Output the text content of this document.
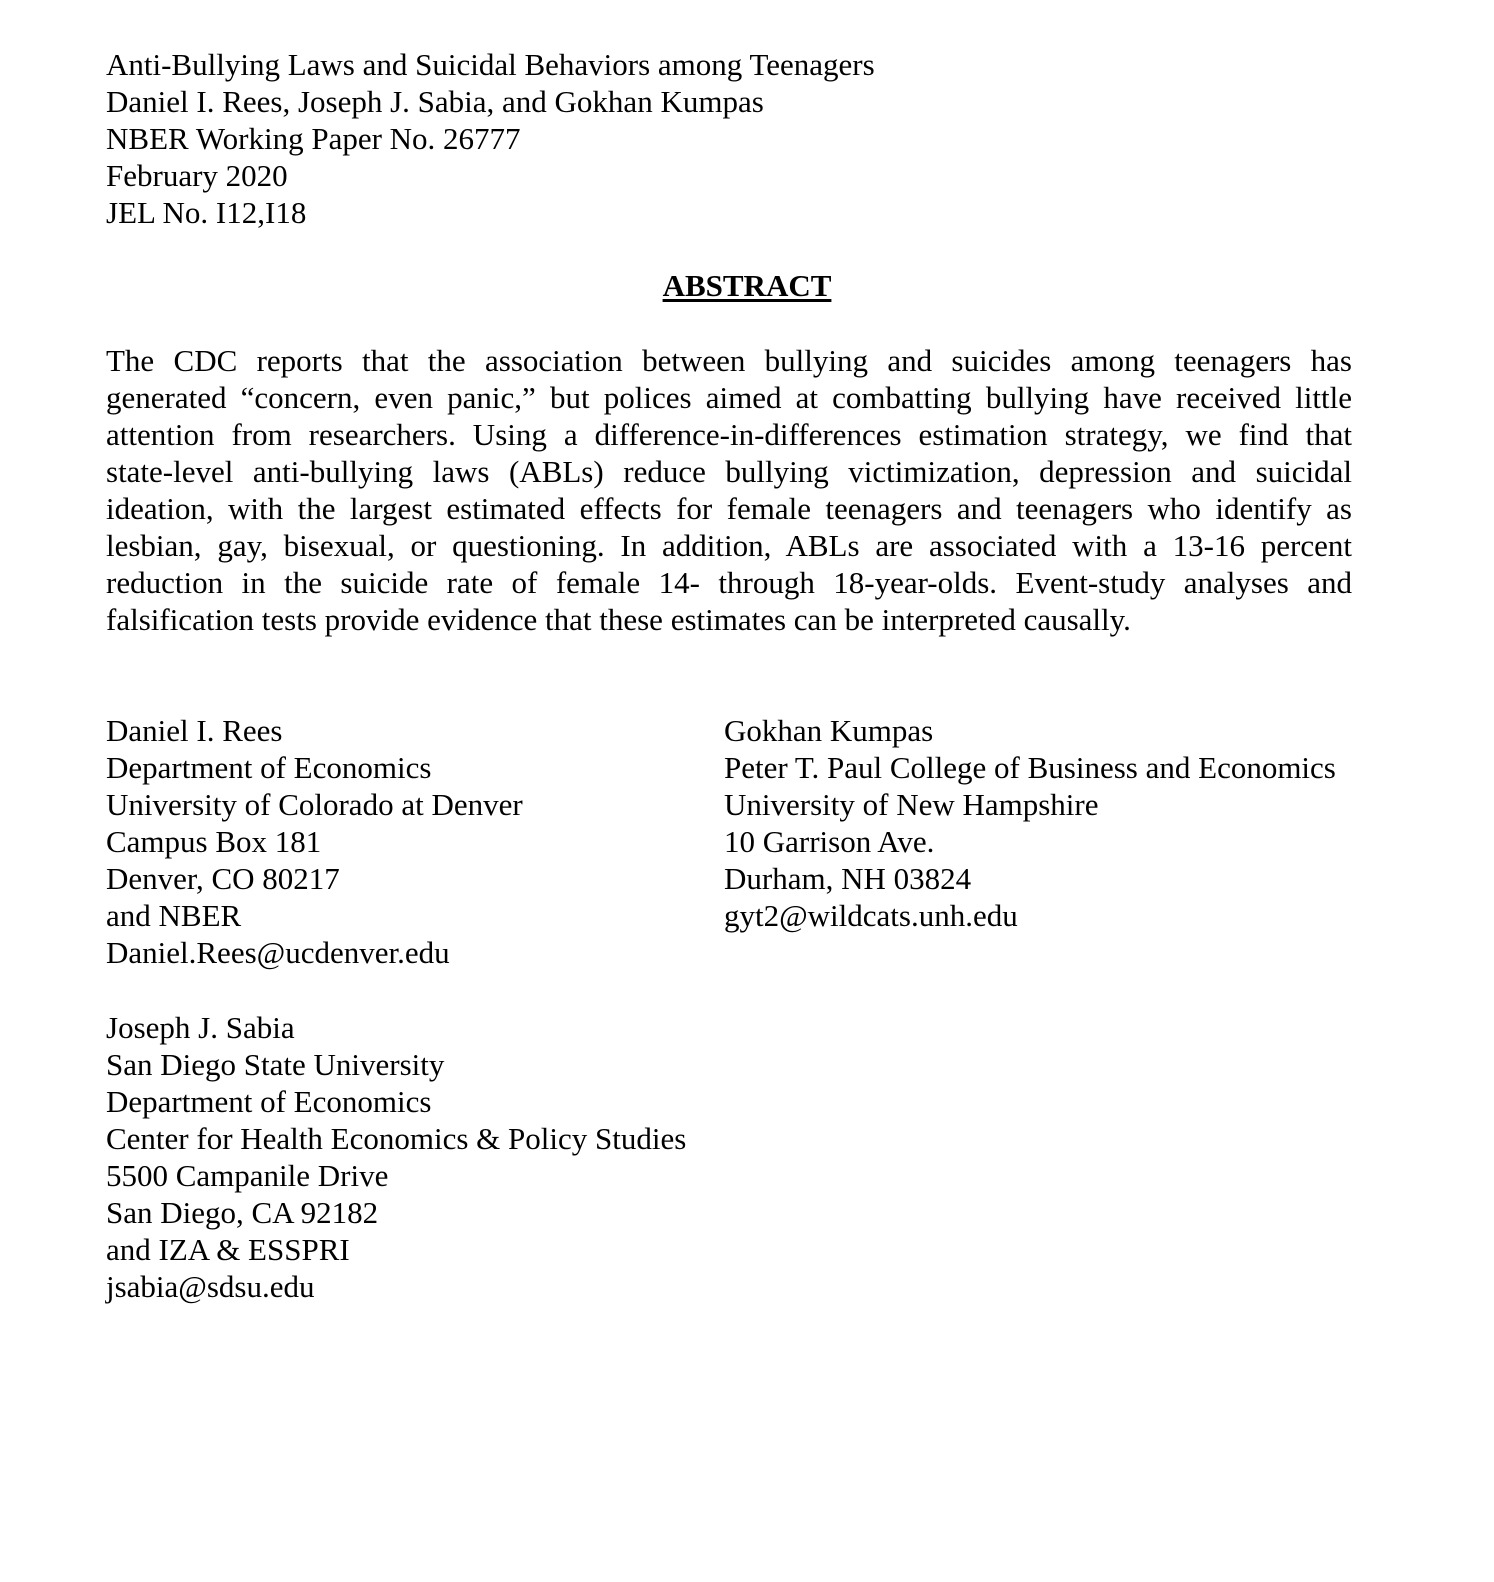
Anti-Bullying Laws and Suicidal Behaviors among Teenagers
Daniel I. Rees, Joseph J. Sabia, and Gokhan Kumpas
NBER Working Paper No. 26777
February 2020
JEL No. I12,I18
ABSTRACT
The CDC reports that the association between bullying and suicides among teenagers has
generated “concern, even panic,” but polices aimed at combatting bullying have received little
attention from researchers. Using a difference-in-differences estimation strategy, we find that
state-level anti-bullying laws (ABLs) reduce bullying victimization, depression and suicidal
ideation, with the largest estimated effects for female teenagers and teenagers who identify as
lesbian, gay, bisexual, or questioning. In addition, ABLs are associated with a 13-16 percent
reduction in the suicide rate of female 14- through 18-year-olds. Event-study analyses and
falsification tests provide evidence that these estimates can be interpreted causally.
Daniel I. Rees
Department of Economics
University of Colorado at Denver
Campus Box 181
Denver, CO 80217
and NBER
Daniel.Rees@ucdenver.edu
Joseph J. Sabia
San Diego State University
Department of Economics
Center for Health Economics & Policy Studies
5500 Campanile Drive
San Diego, CA 92182
and IZA & ESSPRI
jsabia@sdsu.edu
Gokhan Kumpas
Peter T. Paul College of Business and Economics
University of New Hampshire
10 Garrison Ave.
Durham, NH 03824
gyt2@wildcats.unh.edu
